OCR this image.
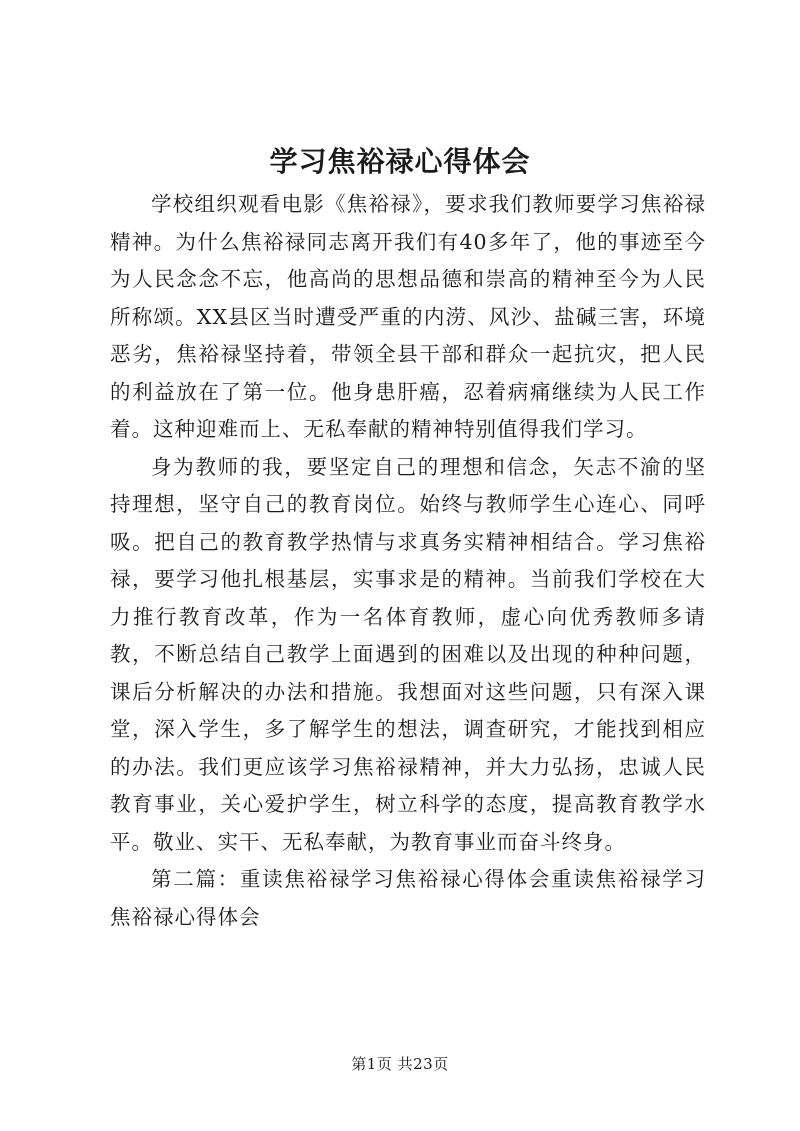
学习焦裕禄心得体会

学校组织观看电影《焦裕禄》，要求我们教师要学习焦裕禄精神。为什么焦裕禄同志离开我们有40多年了，他的事迹至今为人民念念不忘，他高尚的思想品德和崇高的精神至今为人民所称颂。XX县区当时遭受严重的内涝、风沙、盐碱三害，环境恶劣，焦裕禄坚持着，带领全县干部和群众一起抗灾，把人民的利益放在了第一位。他身患肝癌，忍着病痛继续为人民工作着。这种迎难而上、无私奉献的精神特别值得我们学习。

身为教师的我，要坚定自己的理想和信念，矢志不渝的坚持理想，坚守自己的教育岗位。始终与教师学生心连心、同呼吸。把自己的教育教学热情与求真务实精神相结合。学习焦裕禄，要学习他扎根基层，实事求是的精神。当前我们学校在大力推行教育改革，作为一名体育教师，虚心向优秀教师多请教，不断总结自己教学上面遇到的困难以及出现的种种问题，课后分析解决的办法和措施。我想面对这些问题，只有深入课堂，深入学生，多了解学生的想法，调查研究，才能找到相应的办法。我们更应该学习焦裕禄精神，并大力弘扬，忠诚人民教育事业，关心爱护学生，树立科学的态度，提高教育教学水平。敬业、实干、无私奉献，为教育事业而奋斗终身。

第二篇：重读焦裕禄学习焦裕禄心得体会重读焦裕禄学习焦裕禄心得体会

第1页 共23页
